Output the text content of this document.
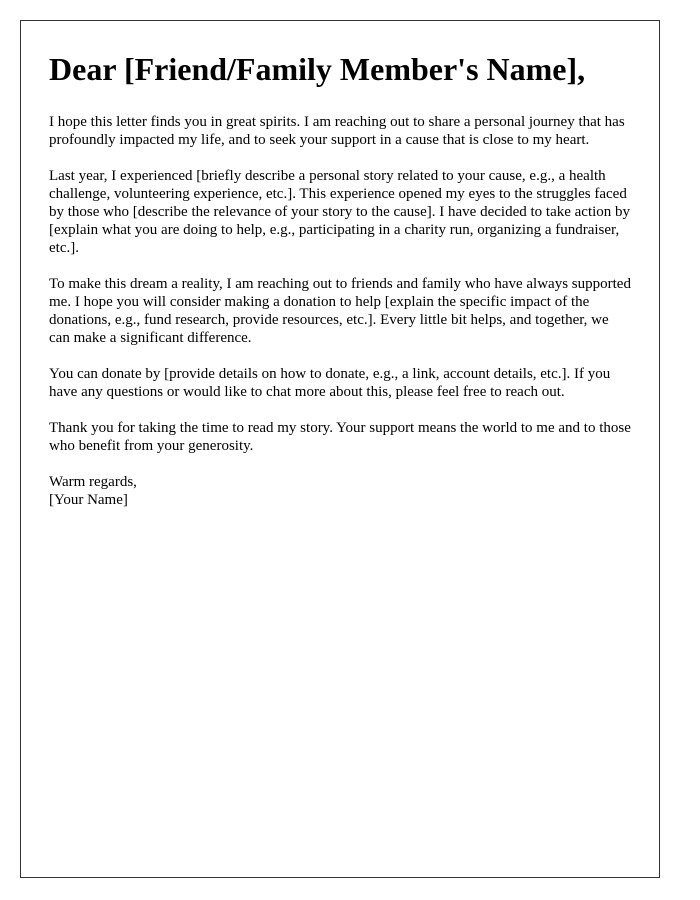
Dear [Friend/Family Member's Name],

I hope this letter finds you in great spirits. I am reaching out to share a personal journey that has profoundly impacted my life, and to seek your support in a cause that is close to my heart.

Last year, I experienced [briefly describe a personal story related to your cause, e.g., a health challenge, volunteering experience, etc.]. This experience opened my eyes to the struggles faced by those who [describe the relevance of your story to the cause]. I have decided to take action by [explain what you are doing to help, e.g., participating in a charity run, organizing a fundraiser, etc.].

To make this dream a reality, I am reaching out to friends and family who have always supported me. I hope you will consider making a donation to help [explain the specific impact of the donations, e.g., fund research, provide resources, etc.]. Every little bit helps, and together, we can make a significant difference.

You can donate by [provide details on how to donate, e.g., a link, account details, etc.]. If you have any questions or would like to chat more about this, please feel free to reach out.

Thank you for taking the time to read my story. Your support means the world to me and to those who benefit from your generosity.

Warm regards,
[Your Name]
